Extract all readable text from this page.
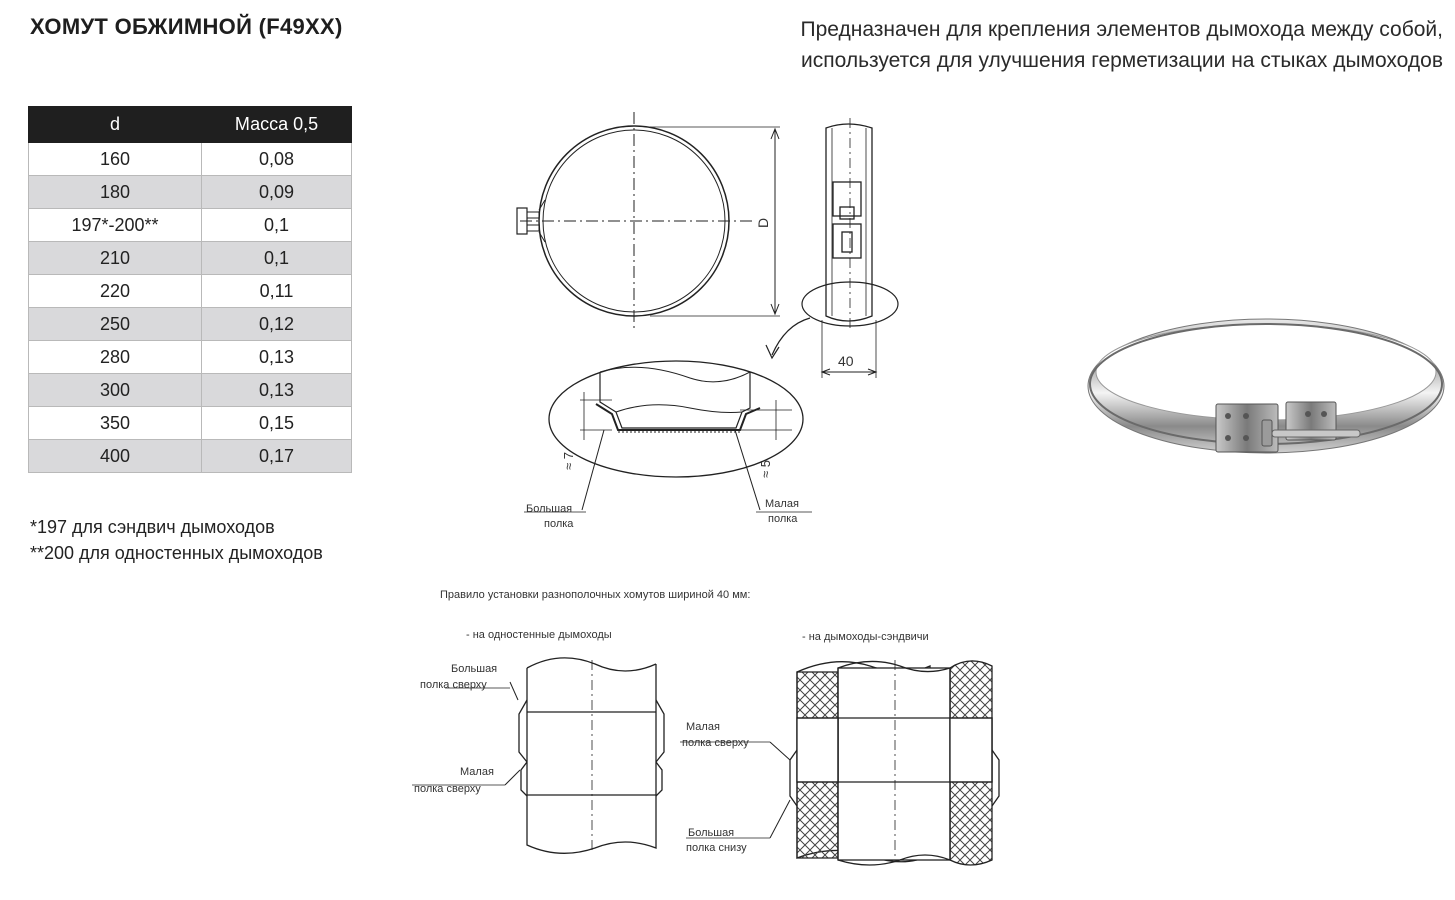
ХОМУТ ОБЖИМНОЙ (F49XX)	Предназначен для крепления элементов дымохода между собой,
используется для улучшения герметизации на стыках дымоходов
d	Масса 0,5
160	0,08
180	0,09
197*-200**	0,1
210	0,1
220	0,11
250	0,12
280	0,13
300	0,13
350	0,15
400	0,17
*197 для сэндвич дымоходов
**200 для одностенных дымоходов
D
40
≈ 7	≈ 5
Большая
полка
Малая
полка
Правило установки разнополочных хомутов шириной 40 мм:
- на одностенные дымоходы	- на дымоходы-сэндвичи
Большая
полка сверху
Малая
полка сверху
Малая
полка сверху
Большая
полка снизу
